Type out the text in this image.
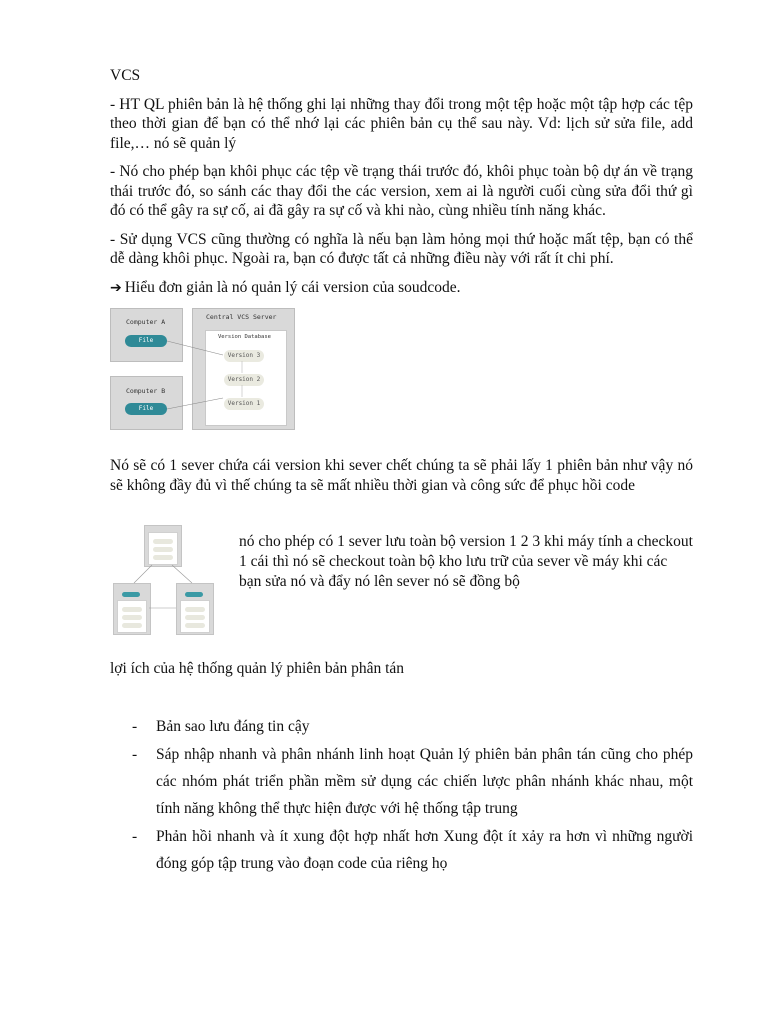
VCS

- HT QL phiên bản là hệ thống ghi lại những thay đổi trong một tệp hoặc một tập hợp các tệp theo thời gian để bạn có thể nhớ lại các phiên bản cụ thể sau này. Vd: lịch sử sửa file, add file,… nó sẽ quản lý

- Nó cho phép bạn khôi phục các tệp về trạng thái trước đó, khôi phục toàn bộ dự án về trạng thái trước đó, so sánh các thay đổi the các version, xem ai là người cuối cùng sửa đổi thứ gì đó có thể gây ra sự cố, ai đã gây ra sự cố và khi nào, cùng nhiều tính năng khác.

- Sử dụng VCS cũng thường có nghĩa là nếu bạn làm hỏng mọi thứ hoặc mất tệp, bạn có thể dễ dàng khôi phục. Ngoài ra, bạn có được tất cả những điều này với rất ít chi phí.

➔ Hiểu đơn giản là nó quản lý cái version của soudcode.

Computer A
File
Computer B
File
Central VCS Server
Version Database
Version 3
Version 2
Version 1

Nó sẽ có 1 sever chứa cái version khi sever chết chúng ta sẽ phải lấy 1 phiên bản như vậy nó sẽ không đầy đủ vì thế chúng ta sẽ mất nhiều thời gian và công sức để phục hồi code

nó cho phép có 1 sever lưu toàn bộ version 1 2 3 khi máy tính a checkout 1 cái thì nó sẽ checkout toàn bộ kho lưu trữ của sever về máy khi các bạn sửa nó và đẩy nó lên sever nó sẽ đồng bộ

lợi ích của hệ thống quản lý phiên bản phân tán

- Bản sao lưu đáng tin cậy
- Sáp nhập nhanh và phân nhánh linh hoạt Quản lý phiên bản phân tán cũng cho phép các nhóm phát triển phần mềm sử dụng các chiến lược phân nhánh khác nhau, một tính năng không thể thực hiện được với hệ thống tập trung
- Phản hồi nhanh và ít xung đột hợp nhất hơn Xung đột ít xảy ra hơn vì những người đóng góp tập trung vào đoạn code của riêng họ
